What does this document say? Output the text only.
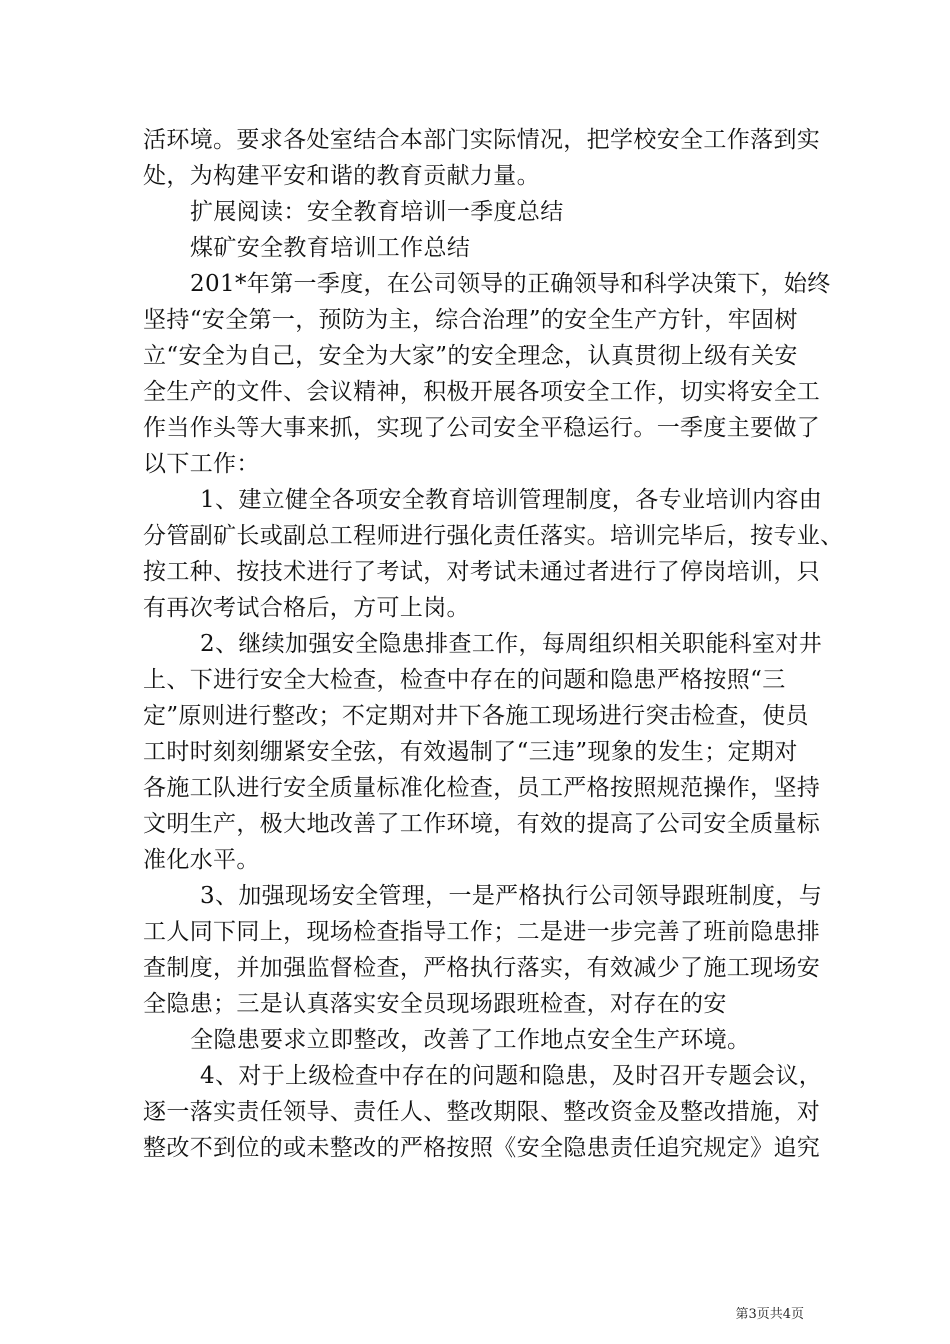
活环境。要求各处室结合本部门实际情况，把学校安全工作落到实
处，为构建平安和谐的教育贡献力量。
扩展阅读：安全教育培训一季度总结
煤矿安全教育培训工作总结
201*年第一季度，在公司领导的正确领导和科学决策下，始终
坚持“安全第一，预防为主，综合治理”的安全生产方针，牢固树
立“安全为自己，安全为大家”的安全理念，认真贯彻上级有关安
全生产的文件、会议精神，积极开展各项安全工作，切实将安全工
作当作头等大事来抓，实现了公司安全平稳运行。一季度主要做了
以下工作：
1、建立健全各项安全教育培训管理制度，各专业培训内容由
分管副矿长或副总工程师进行强化责任落实。培训完毕后，按专业、
按工种、按技术进行了考试，对考试未通过者进行了停岗培训，只
有再次考试合格后，方可上岗。
2、继续加强安全隐患排查工作，每周组织相关职能科室对井
上、下进行安全大检查，检查中存在的问题和隐患严格按照“三
定”原则进行整改；不定期对井下各施工现场进行突击检查，使员
工时时刻刻绷紧安全弦，有效遏制了“三违”现象的发生；定期对
各施工队进行安全质量标准化检查，员工严格按照规范操作，坚持
文明生产，极大地改善了工作环境，有效的提高了公司安全质量标
准化水平。
3、加强现场安全管理，一是严格执行公司领导跟班制度，与
工人同下同上，现场检查指导工作；二是进一步完善了班前隐患排
查制度，并加强监督检查，严格执行落实，有效减少了施工现场安
全隐患；三是认真落实安全员现场跟班检查，对存在的安
全隐患要求立即整改，改善了工作地点安全生产环境。
4、对于上级检查中存在的问题和隐患，及时召开专题会议，
逐一落实责任领导、责任人、整改期限、整改资金及整改措施，对
整改不到位的或未整改的严格按照《安全隐患责任追究规定》追究
第3页共4页
